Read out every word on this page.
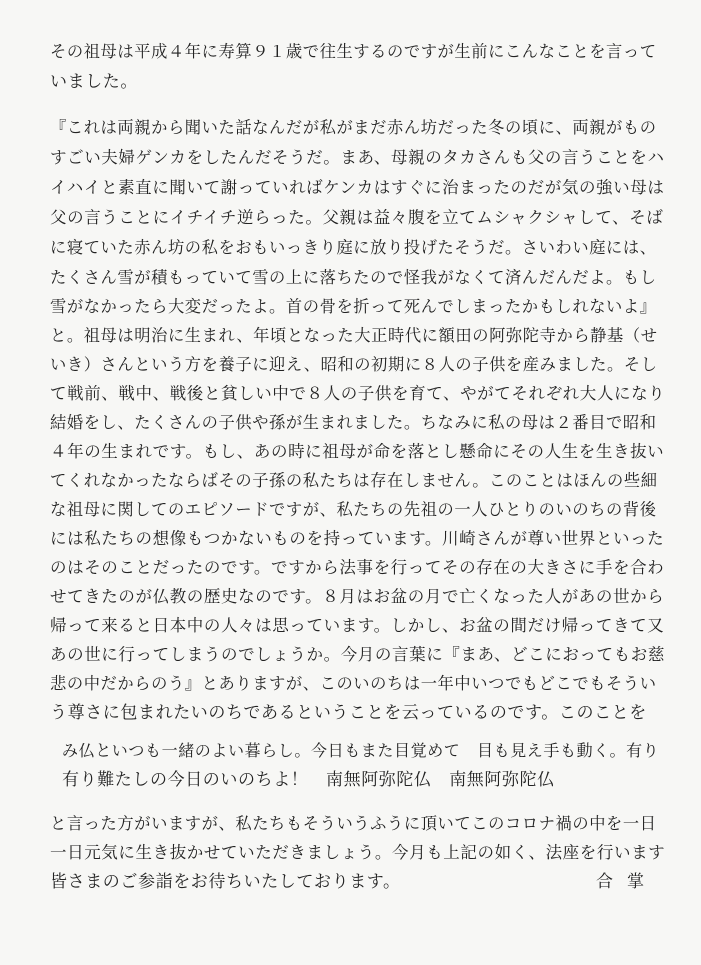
その祖母は平成４年に寿算９１歳で往生するのですが生前にこんなことを言って
いました。
『これは両親から聞いた話なんだが私がまだ赤ん坊だった冬の頃に、両親がもの
すごい夫婦ゲンカをしたんだそうだ。まあ、母親のタカさんも父の言うことをハ
イハイと素直に聞いて謝っていればケンカはすぐに治まったのだが気の強い母は
父の言うことにイチイチ逆らった。父親は益々腹を立てムシャクシャして、そば
に寝ていた赤ん坊の私をおもいっきり庭に放り投げたそうだ。さいわい庭には、
たくさん雪が積もっていて雪の上に落ちたので怪我がなくて済んだんだよ。もし
雪がなかったら大変だったよ。首の骨を折って死んでしまったかもしれないよ』
と。祖母は明治に生まれ、年頃となった大正時代に額田の阿弥陀寺から静基（せ
いき）さんという方を養子に迎え、昭和の初期に８人の子供を産みました。そし
て戦前、戦中、戦後と貧しい中で８人の子供を育て、やがてそれぞれ大人になり
結婚をし、たくさんの子供や孫が生まれました。ちなみに私の母は２番目で昭和
４年の生まれです。もし、あの時に祖母が命を落とし懸命にその人生を生き抜い
てくれなかったならばその子孫の私たちは存在しません。このことはほんの些細
な祖母に関してのエピソードですが、私たちの先祖の一人ひとりのいのちの背後
には私たちの想像もつかないものを持っています。川崎さんが尊い世界といった
のはそのことだったのです。ですから法事を行ってその存在の大きさに手を合わ
せてきたのが仏教の歴史なのです。８月はお盆の月で亡くなった人があの世から
帰って来ると日本中の人々は思っています。しかし、お盆の間だけ帰ってきて又
あの世に行ってしまうのでしょうか。今月の言葉に『まあ、どこにおってもお慈
悲の中だからのう』とありますが、このいのちは一年中いつでもどこでもそうい
う尊さに包まれたいのちであるということを云っているのです。このことを
み仏といつも一緒のよい暮らし。今日もまた目覚めて　目も見え手も動く。有り
有り難たしの今日のいのちよ！　南無阿弥陀仏　南無阿弥陀仏
と言った方がいますが、私たちもそういうふうに頂いてこのコロナ禍の中を一日
一日元気に生き抜かせていただきましょう。今月も上記の如く、法座を行います
皆さまのご参詣をお待ちいたしております。	合掌
